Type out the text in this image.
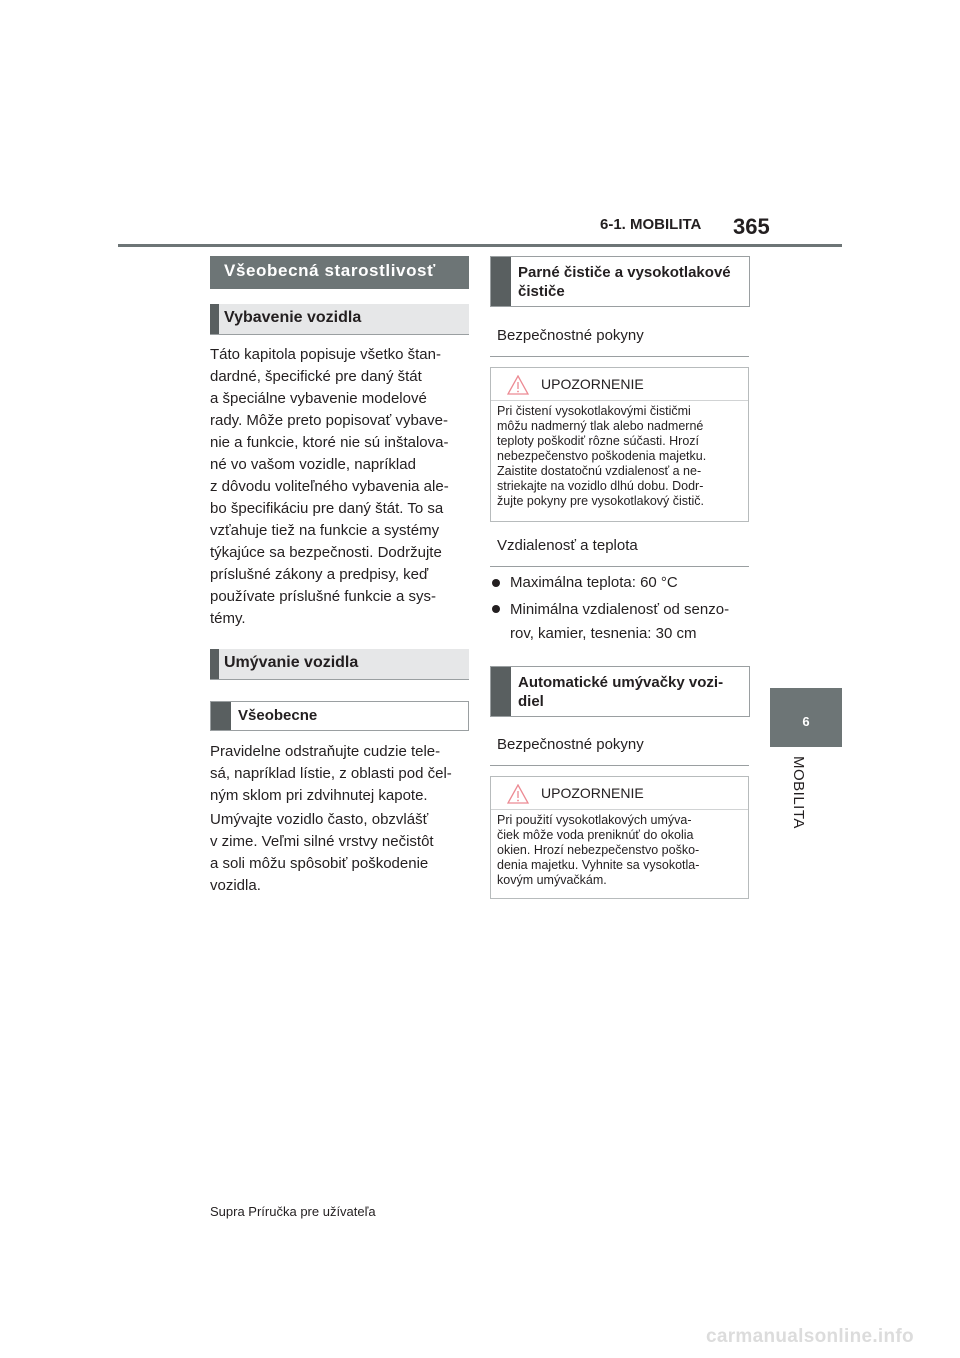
6-1. MOBILITA 365
6
MOBILITA
Všeobecná starostlivosť
Vybavenie vozidla

Táto kapitola popisuje všetko štan-
dardné, špecifické pre daný štát
a špeciálne vybavenie modelové
rady. Môže preto popisovať vybave-
nie a funkcie, ktoré nie sú inštalova-
né vo vašom vozidle, napríklad
z dôvodu voliteľného vybavenia ale-
bo špecifikáciu pre daný štát. To sa
vzťahuje tiež na funkcie a systémy
týkajúce sa bezpečnosti. Dodržujte
príslušné zákony a predpisy, keď
používate príslušné funkcie a sys-
témy.

Umývanie vozidla
Všeobecne

Pravidelne odstraňujte cudzie tele-
sá, napríklad lístie, z oblasti pod čel-
ným sklom pri zdvihnutej kapote.

Umývajte vozidlo často, obzvlášť
v zime. Veľmi silné vrstvy nečistôt
a soli môžu spôsobiť poškodenie
vozidla.

Parné čističe a vysokotlakové
čističe
Bezpečnostné pokyny
UPOZORNENIE
Pri čistení vysokotlakovými čističmi
môžu nadmerný tlak alebo nadmerné
teploty poškodiť rôzne súčasti. Hrozí
nebezpečenstvo poškodenia majetku.
Zaistite dostatočnú vzdialenosť a ne-
striekajte na vozidlo dlhú dobu. Dodr-
žujte pokyny pre vysokotlakový čistič.
Vzdialenosť a teplota
Maximálna teplota: 60 °C
Minimálna vzdialenosť od senzo-
rov, kamier, tesnenia: 30 cm
Automatické umývačky vozi-
diel
Bezpečnostné pokyny
UPOZORNENIE
Pri použití vysokotlakových umýva-
čiek môže voda preniknúť do okolia
okien. Hrozí nebezpečenstvo poško-
denia majetku. Vyhnite sa vysokotla-
kovým umývačkám.
Supra Príručka pre užívateľa
carmanualsonline.info
